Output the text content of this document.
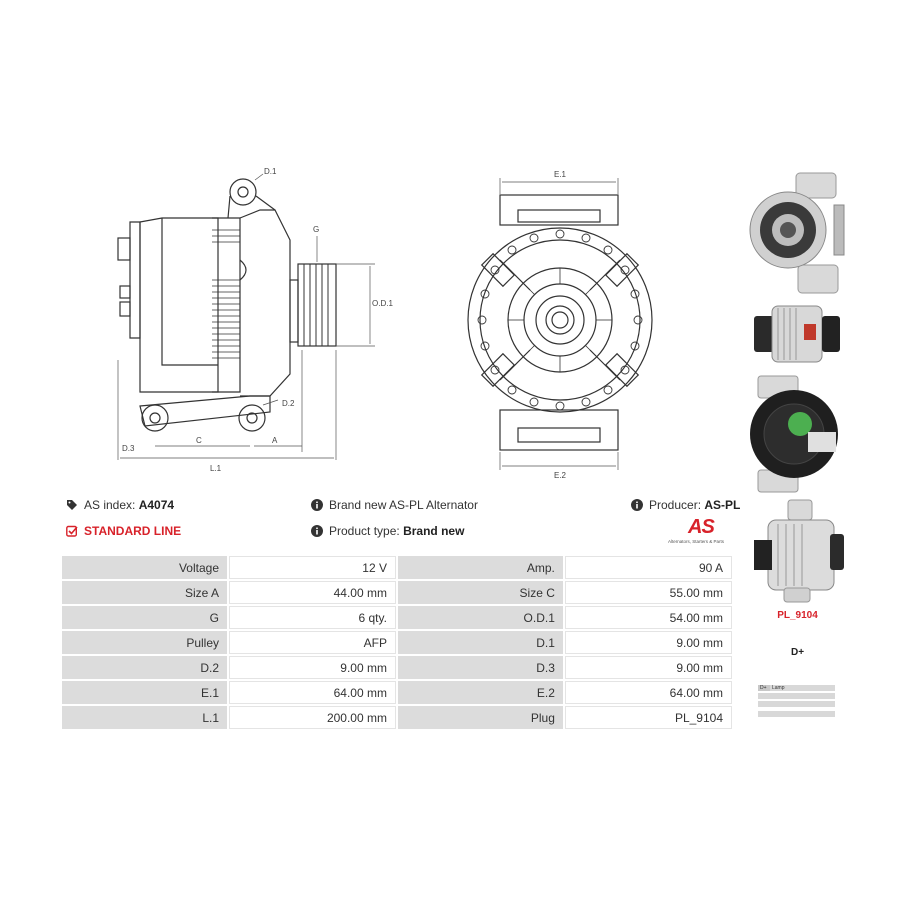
D.1
G
O.D.1
D.2
D.3
C	A
L.1
E.1
E.2
PL_9104
D+
D+ Lamp
AS index:
A4074	Brand new AS-PL Alternator	Producer:
AS-PL
STANDARD LINE	Product type:
Brand new	AS
Alternators, Starters & Parts
Voltage	12 V	Amp.	90 A
Size A	44.00 mm	Size C	55.00 mm
G	6 qty.	O.D.1	54.00 mm
Pulley	AFP	D.1	9.00 mm
D.2	9.00 mm	D.3	9.00 mm
E.1	64.00 mm	E.2	64.00 mm
L.1	200.00 mm	Plug	PL_9104
